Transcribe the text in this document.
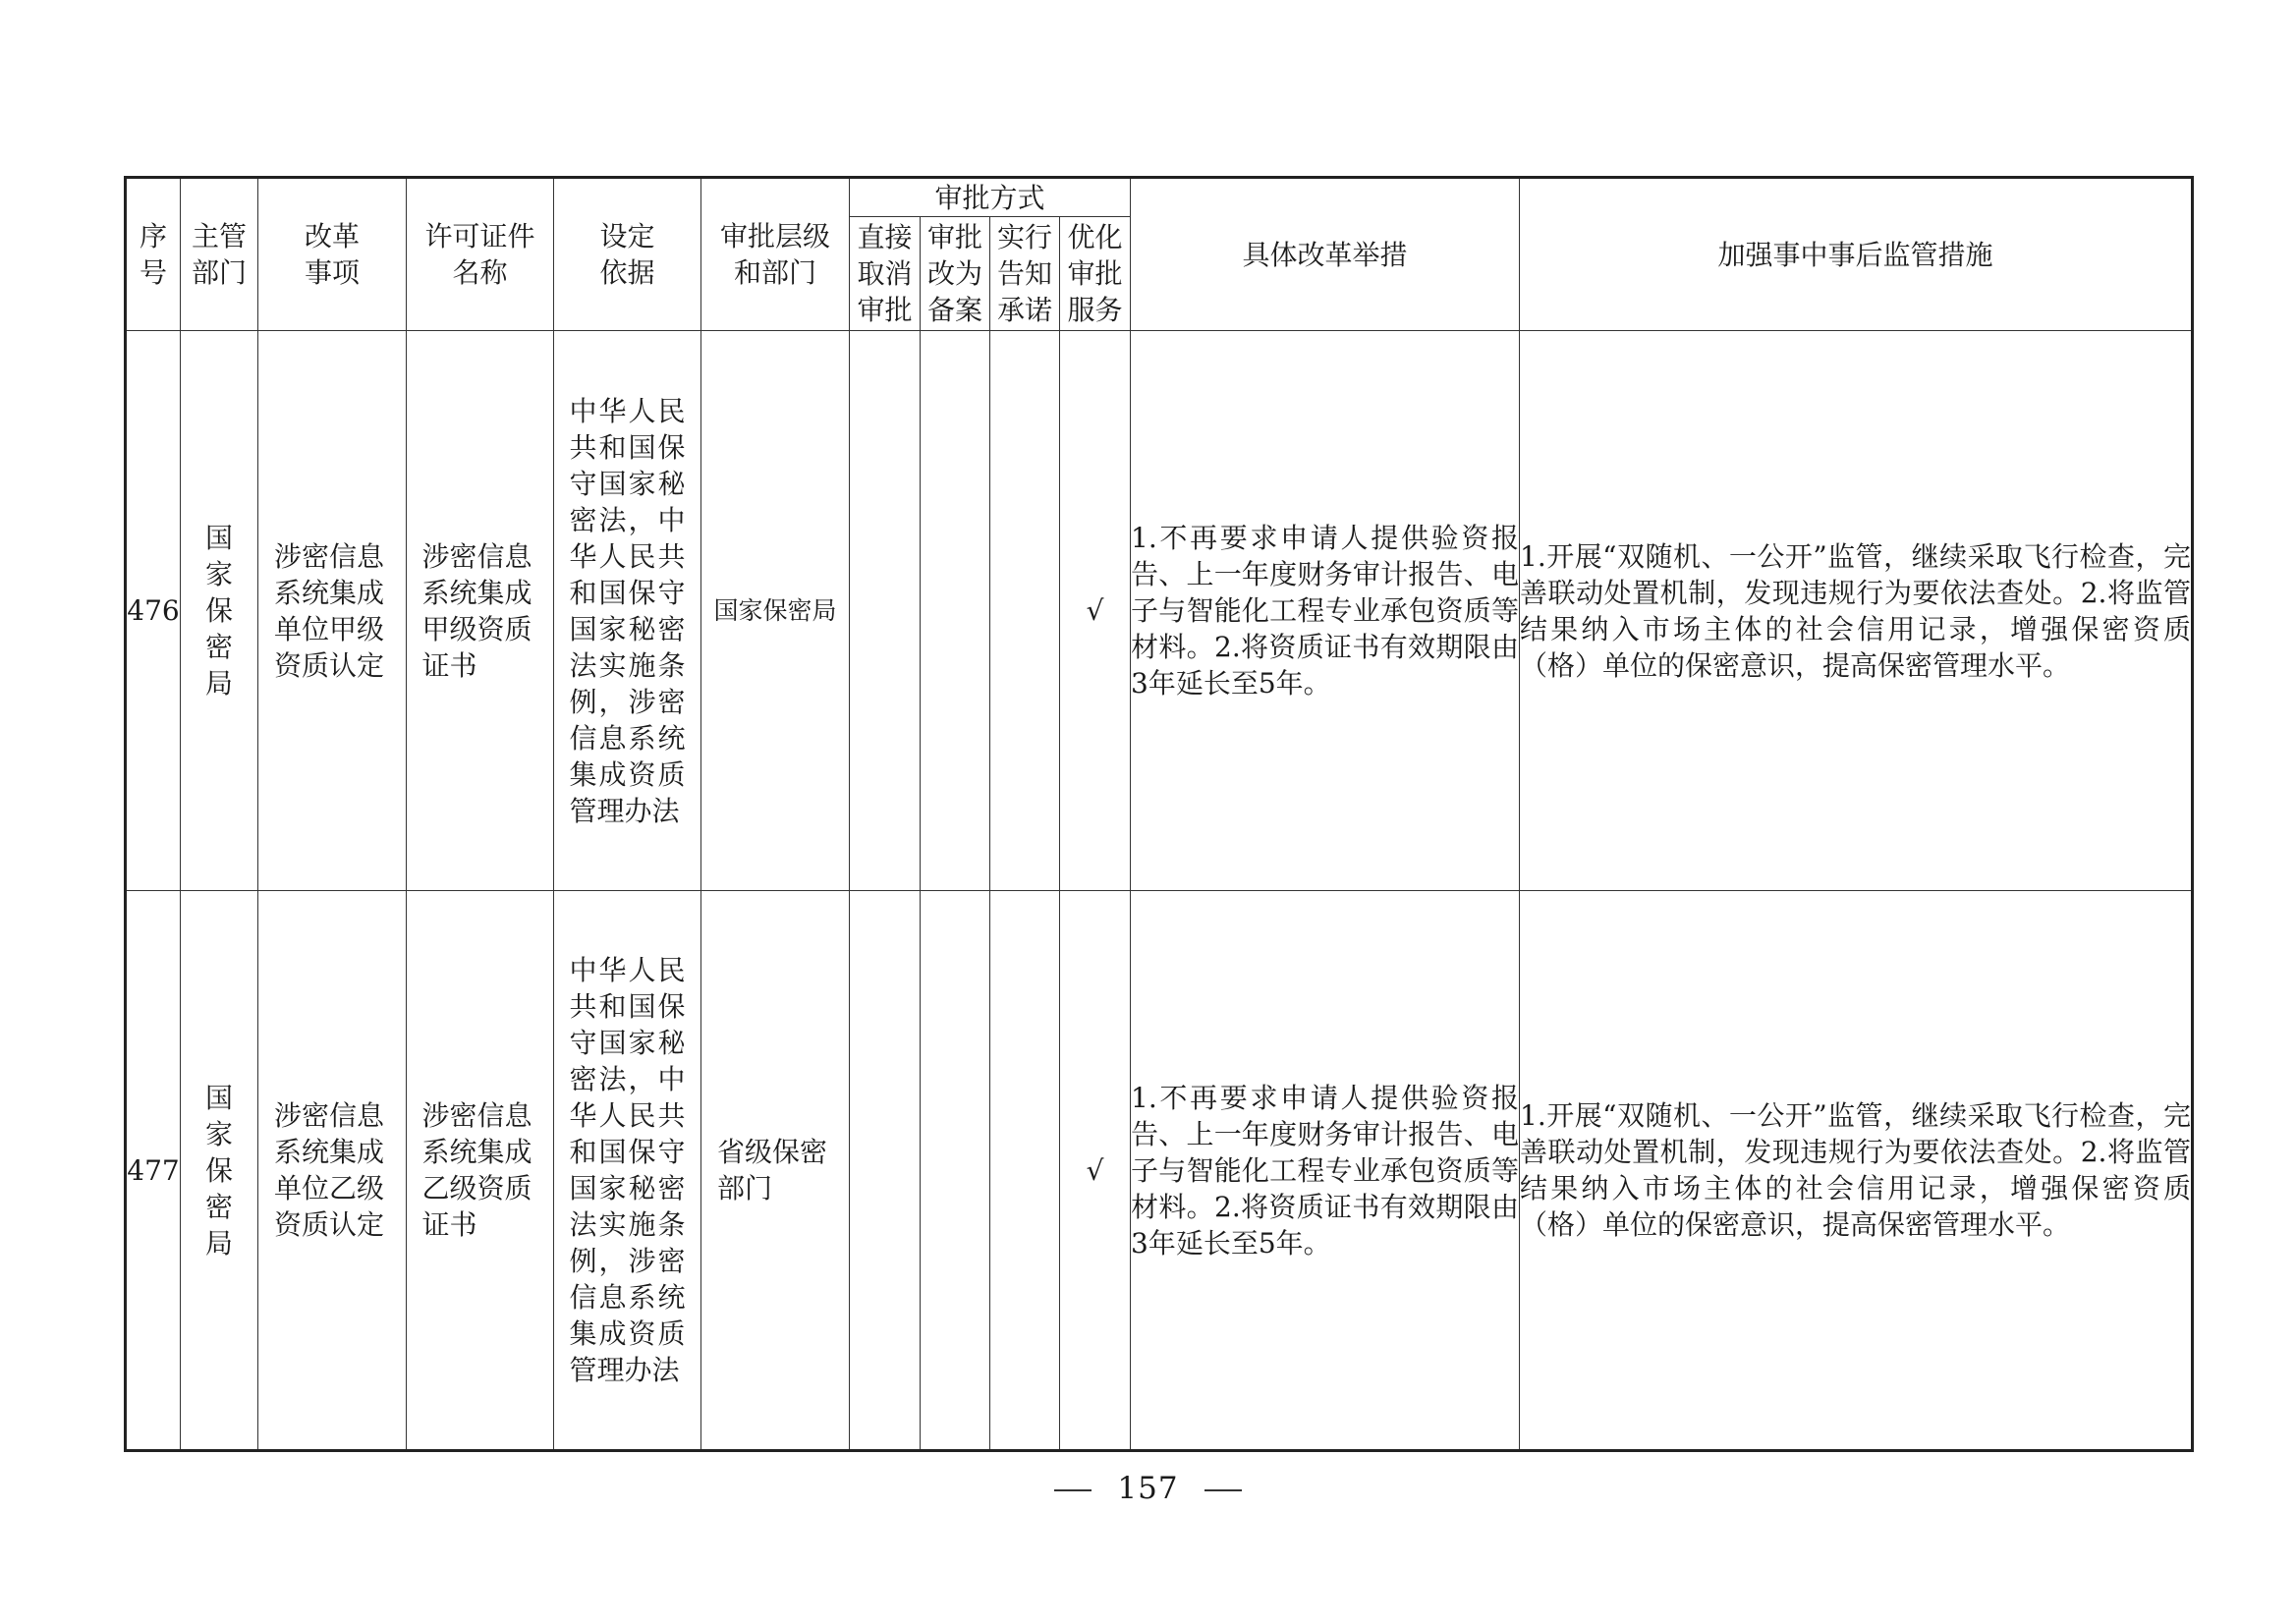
序号	主管部门	改革事项	许可证件名称	设定依据	审批层级和部门	审批方式				具体改革举措	加强事中事后监管措施

						直接取消审批	审批改为备案	实行告知承诺	优化审批服务		

476	国家保密局	涉密信息系统集成单位甲级资质认定	涉密信息系统集成甲级资质证书	中华人民共和国保守国家秘密法，中华人民共和国保守国家秘密法实施条例，涉密信息系统集成资质管理办法	国家保密局				√	1.不再要求申请人提供验资报告、上一年度财务审计报告、电子与智能化工程专业承包资质等材料。2.将资质证书有效期限由3年延长至5年。	1.开展“双随机、一公开”监管，继续采取飞行检查，完善联动处置机制，发现违规行为要依法查处。2.将监管结果纳入市场主体的社会信用记录，增强保密资质（格）单位的保密意识，提高保密管理水平。
477	国家保密局	涉密信息系统集成单位乙级资质认定	涉密信息系统集成乙级资质证书	中华人民共和国保守国家秘密法，中华人民共和国保守国家秘密法实施条例，涉密信息系统集成资质管理办法	省级保密部门				√	1.不再要求申请人提供验资报告、上一年度财务审计报告、电子与智能化工程专业承包资质等材料。2.将资质证书有效期限由3年延长至5年。	1.开展“双随机、一公开”监管，继续采取飞行检查，完善联动处置机制，发现违规行为要依法查处。2.将监管结果纳入市场主体的社会信用记录，增强保密资质（格）单位的保密意识，提高保密管理水平。
157
